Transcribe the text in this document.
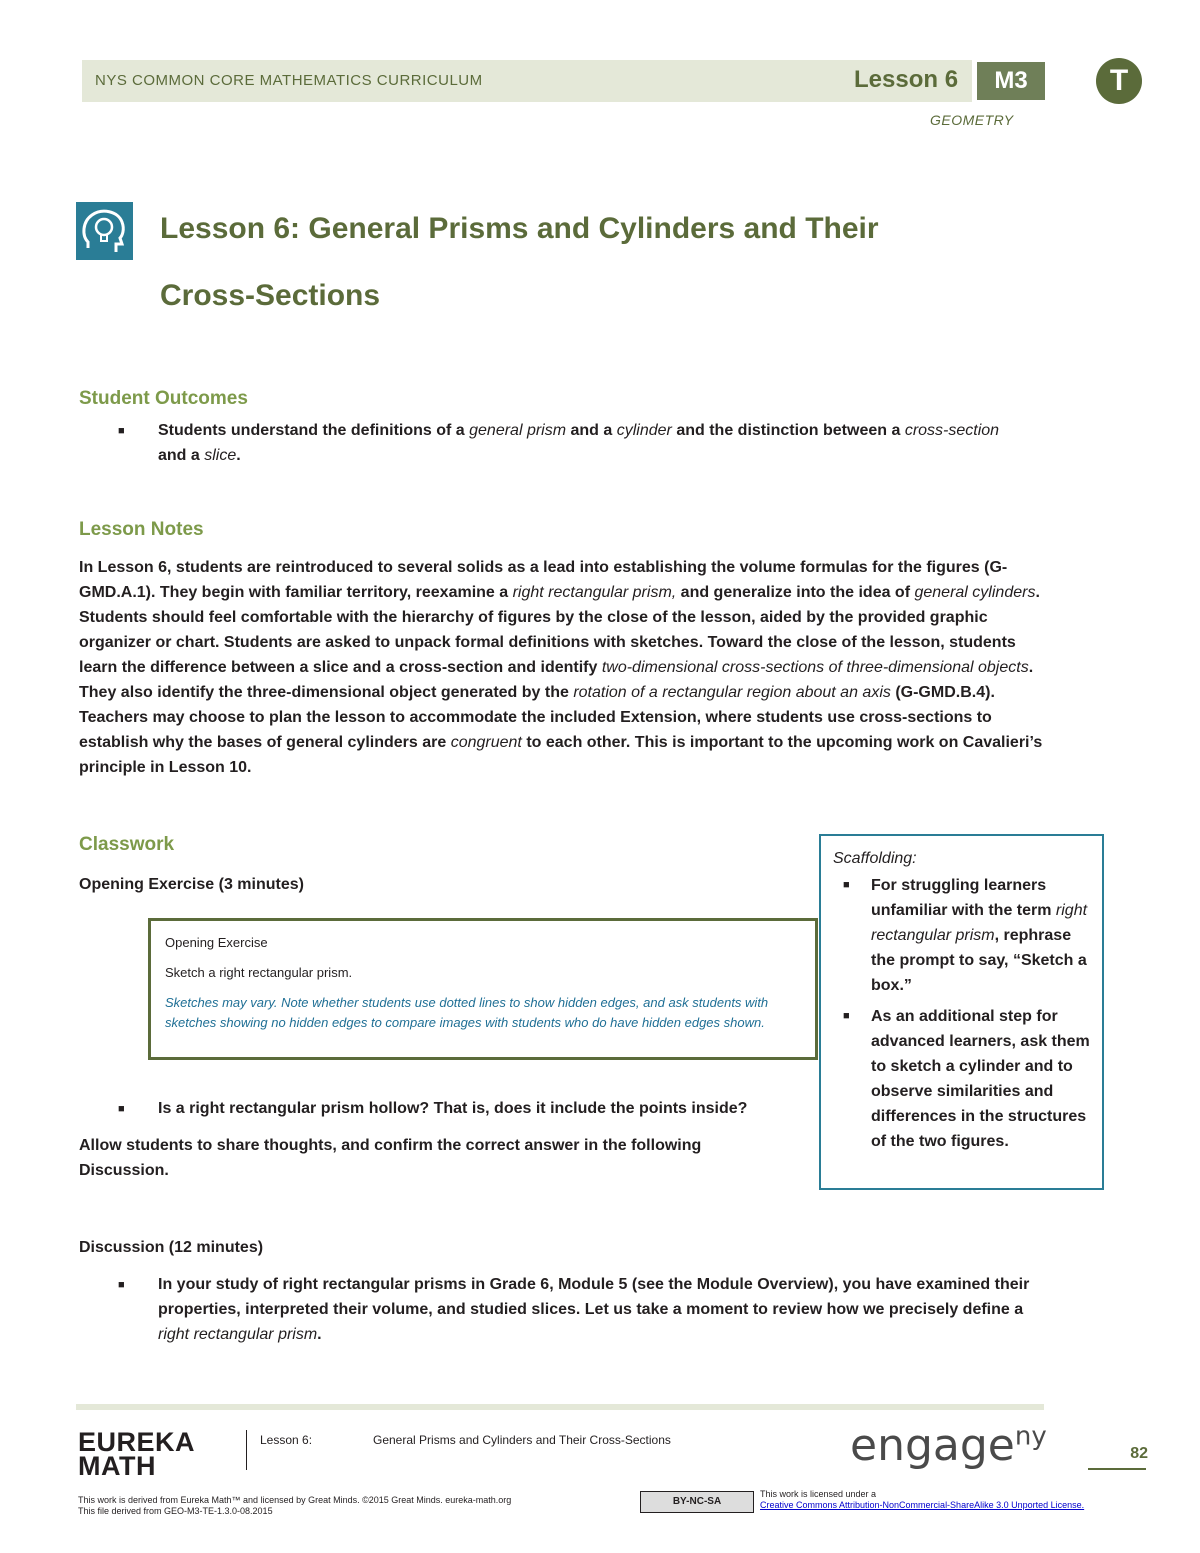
NYS COMMON CORE MATHEMATICS CURRICULUM	Lesson 6	M3	T
GEOMETRY
Lesson 6: General Prisms and Cylinders and Their
Cross-Sections
Student Outcomes
■ Students understand the definitions of a general prism and a cylinder and the distinction between a cross-section and a slice.
Lesson Notes

In Lesson 6, students are reintroduced to several solids as a lead into establishing the volume formulas for the figures (G-GMD.A.1). They begin with familiar territory, reexamine a right rectangular prism, and generalize into the idea of general cylinders. Students should feel comfortable with the hierarchy of figures by the close of the lesson, aided by the provided graphic organizer or chart. Students are asked to unpack formal definitions with sketches. Toward the close of the lesson, students learn the difference between a slice and a cross-section and identify two-dimensional cross-sections of three-dimensional objects. They also identify the three-dimensional object generated by the rotation of a rectangular region about an axis (G-GMD.B.4). Teachers may choose to plan the lesson to accommodate the included Extension, where students use cross-sections to establish why the bases of general cylinders are congruent to each other. This is important to the upcoming work on Cavalieri’s principle in Lesson 10.

Classwork
Opening Exercise (3 minutes)
Opening Exercise
Sketch a right rectangular prism.
Sketches may vary. Note whether students use dotted lines to show hidden edges, and ask students with sketches showing no hidden edges to compare images with students who do have hidden edges shown.
■ Is a right rectangular prism hollow? That is, does it include the points inside?
Allow students to share thoughts, and confirm the correct answer in the following Discussion.
Scaffolding:
■ For struggling learners unfamiliar with the term right rectangular prism, rephrase the prompt to say, “Sketch a box.”
■ As an additional step for advanced learners, ask them to sketch a cylinder and to observe similarities and differences in the structures of the two figures.
Discussion (12 minutes)
■ In your study of right rectangular prisms in Grade 6, Module 5 (see the Module Overview), you have examined their properties, interpreted their volume, and studied slices. Let us take a moment to review how we precisely define a right rectangular prism.
EUREKA
MATH
Lesson 6:	General Prisms and Cylinders and Their Cross-Sections	engage$^{ny}$
82
This work is derived from Eureka Math™ and licensed by Great Minds. ©2015 Great Minds. eureka-math.org
This file derived from GEO-M3-TE-1.3.0-08.2015
BY-NC-SA
This work is licensed under a
Creative Commons Attribution-NonCommercial-ShareAlike 3.0 Unported License.
